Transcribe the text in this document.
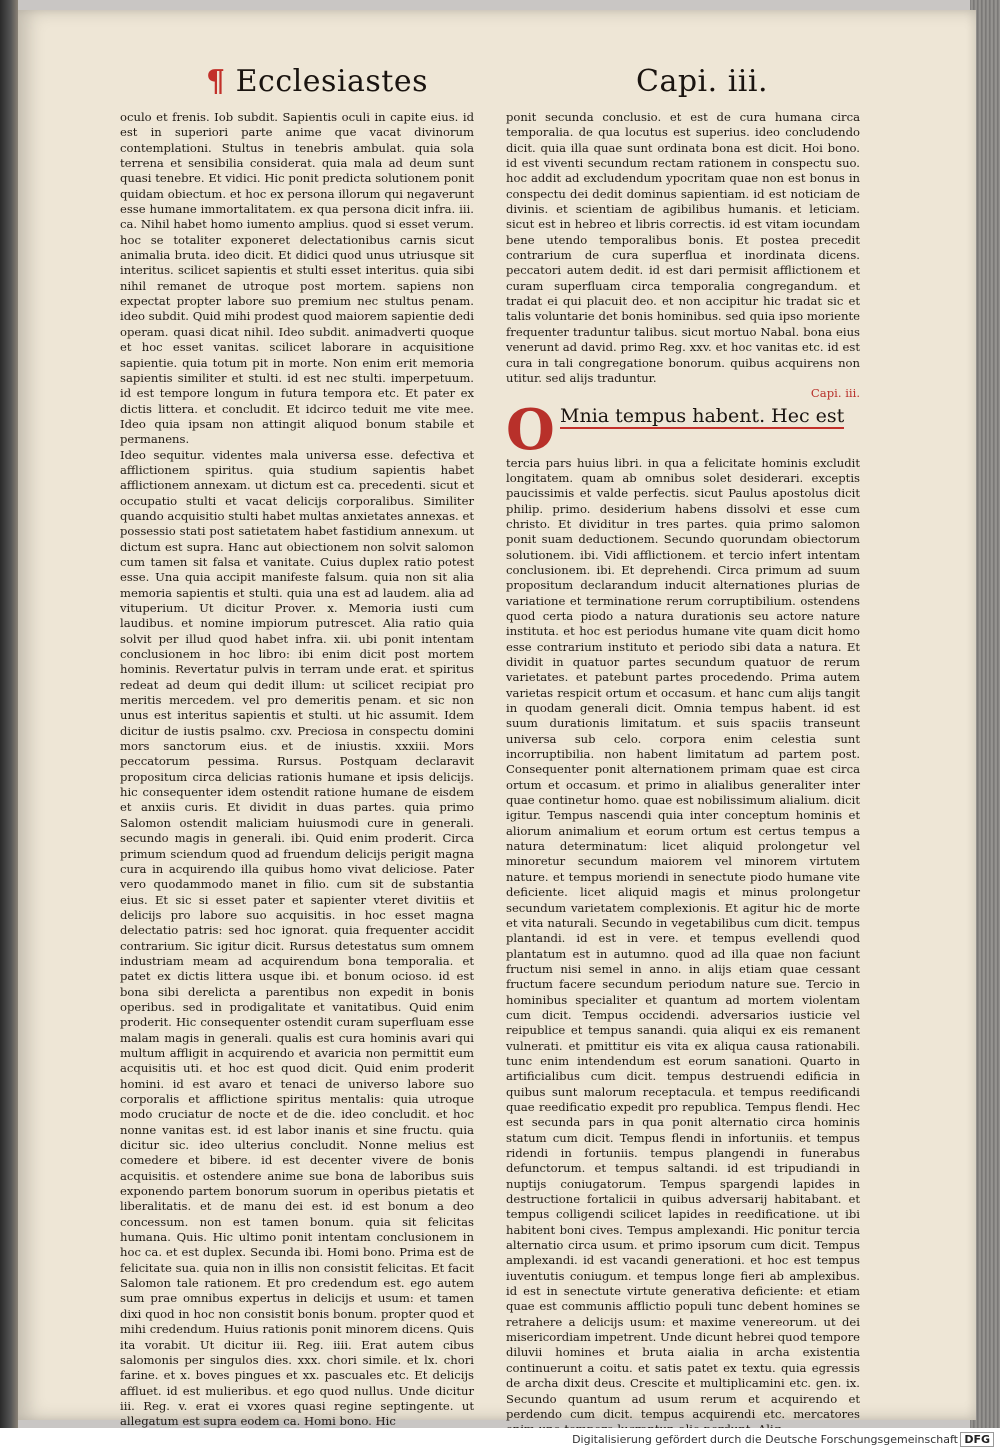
¶ Ecclesiastes	Capi. iii.

oculo et frenis. Iob subdit. Sapientis oculi in capite eius. id est in superiori parte anime que vacat divinorum contemplationi. Stultus in tenebris ambulat. quia sola terrena et sensibilia considerat. quia mala ad deum sunt quasi tenebre. Et vidici. Hic ponit predicta solutionem ponit quidam obiectum. et hoc ex persona illorum qui negaverunt esse humane immortalitatem. ex qua persona dicit infra. iii. ca. Nihil habet homo iumento amplius. quod si esset verum. hoc se totaliter exponeret delectationibus carnis sicut animalia bruta. ideo dicit. Et didici quod unus utriusque sit interitus. scilicet sapientis et stulti esset interitus. quia sibi nihil remanet de utroque post mortem. sapiens non expectat propter labore suo premium nec stultus penam. ideo subdit. Quid mihi prodest quod maiorem sapientie dedi operam. quasi dicat nihil. Ideo subdit. animadverti quoque et hoc esset vanitas. scilicet laborare in acquisitione sapientie. quia totum pit in morte. Non enim erit memoria sapientis similiter et stulti. id est nec stulti. imperpetuum. id est tempore longum in futura tempora etc. Et pater ex dictis littera. et concludit. Et idcirco teduit me vite mee. Ideo quia ipsam non attingit aliquod bonum stabile et permanens.

Ideo sequitur. videntes mala universa esse. defectiva et afflictionem spiritus. quia studium sapientis habet afflictionem annexam. ut dictum est ca. precedenti. sicut et occupatio stulti et vacat delicijs corporalibus. Similiter quando acquisitio stulti habet multas anxietates annexas. et possessio stati post satietatem habet fastidium annexum. ut dictum est supra. Hanc aut obiectionem non solvit salomon cum tamen sit falsa et vanitate. Cuius duplex ratio potest esse. Una quia accipit manifeste falsum. quia non sit alia memoria sapientis et stulti. quia una est ad laudem. alia ad vituperium. Ut dicitur Prover. x. Memoria iusti cum laudibus. et nomine impiorum putrescet. Alia ratio quia solvit per illud quod habet infra. xii. ubi ponit intentam conclusionem in hoc libro: ibi enim dicit post mortem hominis. Revertatur pulvis in terram unde erat. et spiritus redeat ad deum qui dedit illum: ut scilicet recipiat pro meritis mercedem. vel pro demeritis penam. et sic non unus est interitus sapientis et stulti. ut hic assumit. Idem dicitur de iustis psalmo. cxv. Preciosa in conspectu domini mors sanctorum eius. et de iniustis. xxxiii. Mors peccatorum pessima. Rursus. Postquam declaravit propositum circa delicias rationis humane et ipsis delicijs. hic consequenter idem ostendit ratione humane de eisdem et anxiis curis. Et dividit in duas partes. quia primo Salomon ostendit maliciam huiusmodi cure in generali. secundo magis in generali. ibi. Quid enim proderit. Circa primum sciendum quod ad fruendum delicijs perigit magna cura in acquirendo illa quibus homo vivat deliciose. Pater vero quodammodo manet in filio. cum sit de substantia eius. Et sic si esset pater et sapienter vteret divitiis et delicijs pro labore suo acquisitis. in hoc esset magna delectatio patris: sed hoc ignorat. quia frequenter accidit contrarium. Sic igitur dicit. Rursus detestatus sum omnem industriam meam ad acquirendum bona temporalia. et patet ex dictis littera usque ibi. et bonum ocioso. id est bona sibi derelicta a parentibus non expedit in bonis operibus. sed in prodigalitate et vanitatibus. Quid enim proderit. Hic consequenter ostendit curam superfluam esse malam magis in generali. qualis est cura hominis avari qui multum affligit in acquirendo et avaricia non permittit eum acquisitis uti. et hoc est quod dicit. Quid enim proderit homini. id est avaro et tenaci de universo labore suo corporalis et afflictione spiritus mentalis: quia utroque modo cruciatur de nocte et de die. ideo concludit. et hoc nonne vanitas est. id est labor inanis et sine fructu. quia dicitur sic. ideo ulterius concludit. Nonne melius est comedere et bibere. id est decenter vivere de bonis acquisitis. et ostendere anime sue bona de laboribus suis exponendo partem bonorum suorum in operibus pietatis et liberalitatis. et de manu dei est. id est bonum a deo concessum. non est tamen bonum. quia sit felicitas humana. Quis. Hic ultimo ponit intentam conclusionem in hoc ca. et est duplex. Secunda ibi. Homi bono. Prima est de felicitate sua. quia non in illis non consistit felicitas. Et facit Salomon tale rationem. Et pro credendum est. ego autem sum prae omnibus expertus in delicijs et usum: et tamen dixi quod in hoc non consistit bonis bonum. propter quod et mihi credendum. Huius rationis ponit minorem dicens. Quis ita vorabit. Ut dicitur iii. Reg. iiii. Erat autem cibus salomonis per singulos dies. xxx. chori simile. et lx. chori farine. et x. boves pingues et xx. pascuales etc. Et delicijs affluet. id est mulieribus. et ego quod nullus. Unde dicitur iii. Reg. v. erat ei vxores quasi regine septingente. ut allegatum est supra eodem ca. Homi bono. Hic

ponit secunda conclusio. et est de cura humana circa temporalia. de qua locutus est superius. ideo concludendo dicit. quia illa quae sunt ordinata bona est dicit. Hoi bono. id est viventi secundum rectam rationem in conspectu suo. hoc addit ad excludendum ypocritam quae non est bonus in conspectu dei dedit dominus sapientiam. id est noticiam de divinis. et scientiam de agibilibus humanis. et leticiam. sicut est in hebreo et libris correctis. id est vitam iocundam bene utendo temporalibus bonis. Et postea precedit contrarium de cura superflua et inordinata dicens. peccatori autem dedit. id est dari permisit afflictionem et curam superfluam circa temporalia congregandum. et tradat ei qui placuit deo. et non accipitur hic tradat sic et talis voluntarie det bonis hominibus. sed quia ipso moriente frequenter traduntur talibus. sicut mortuo Nabal. bona eius venerunt ad david. primo Reg. xxv. et hoc vanitas etc. id est cura in tali congregatione bonorum. quibus acquirens non utitur. sed alijs traduntur.

Capi. iii.

O Mnia tempus habent. Hec est

tercia pars huius libri. in qua a felicitate hominis excludit longitatem. quam ab omnibus solet desiderari. exceptis paucissimis et valde perfectis. sicut Paulus apostolus dicit philip. primo. desiderium habens dissolvi et esse cum christo. Et dividitur in tres partes. quia primo salomon ponit suam deductionem. Secundo quorundam obiectorum solutionem. ibi. Vidi afflictionem. et tercio infert intentam conclusionem. ibi. Et deprehendi. Circa primum ad suum propositum declarandum inducit alternationes plurias de variatione et terminatione rerum corruptibilium. ostendens quod certa piodo a natura durationis seu actore nature instituta. et hoc est periodus humane vite quam dicit homo esse contrarium instituto et periodo sibi data a natura. Et dividit in quatuor partes secundum quatuor de rerum varietates. et patebunt partes procedendo. Prima autem varietas respicit ortum et occasum. et hanc cum alijs tangit in quodam generali dicit. Omnia tempus habent. id est suum durationis limitatum. et suis spaciis transeunt universa sub celo. corpora enim celestia sunt incorruptibilia. non habent limitatum ad partem post. Consequenter ponit alternationem primam quae est circa ortum et occasum. et primo in alialibus generaliter inter quae continetur homo. quae est nobilissimum alialium. dicit igitur. Tempus nascendi quia inter conceptum hominis et aliorum animalium et eorum ortum est certus tempus a natura determinatum: licet aliquid prolongetur vel minoretur secundum maiorem vel minorem virtutem nature. et tempus moriendi in senectute piodo humane vite deficiente. licet aliquid magis et minus prolongetur secundum varietatem complexionis. Et agitur hic de morte et vita naturali. Secundo in vegetabilibus cum dicit. tempus plantandi. id est in vere. et tempus evellendi quod plantatum est in autumno. quod ad illa quae non faciunt fructum nisi semel in anno. in alijs etiam quae cessant fructum facere secundum periodum nature sue. Tercio in hominibus specialiter et quantum ad mortem violentam cum dicit. Tempus occidendi. adversarios iusticie vel reipublice et tempus sanandi. quia aliqui ex eis remanent vulnerati. et pmittitur eis vita ex aliqua causa rationabili. tunc enim intendendum est eorum sanationi. Quarto in artificialibus cum dicit. tempus destruendi edificia in quibus sunt malorum receptacula. et tempus reedificandi quae reedificatio expedit pro republica. Tempus flendi. Hec est secunda pars in qua ponit alternatio circa hominis statum cum dicit. Tempus flendi in infortuniis. et tempus ridendi in fortuniis. tempus plangendi in funerabus defunctorum. et tempus saltandi. id est tripudiandi in nuptijs coniugatorum. Tempus spargendi lapides in destructione fortalicii in quibus adversarij habitabant. et tempus colligendi scilicet lapides in reedificatione. ut ibi habitent boni cives. Tempus amplexandi. Hic ponitur tercia alternatio circa usum. et primo ipsorum cum dicit. Tempus amplexandi. id est vacandi generationi. et hoc est tempus iuventutis coniugum. et tempus longe fieri ab amplexibus. id est in senectute virtute generativa deficiente: et etiam quae est communis afflictio populi tunc debent homines se retrahere a delicijs usum: et maxime venereorum. ut dei misericordiam impetrent. Unde dicunt hebrei quod tempore diluvii homines et bruta aialia in archa existentia continuerunt a coitu. et satis patet ex textu. quia egressis de archa dixit deus. Crescite et multiplicamini etc. gen. ix. Secundo quantum ad usum rerum et acquirendo et perdendo cum dicit. tempus acquirendi etc. mercatores

Digitalisierung gefördert durch die Deutsche Forschungsgemeinschaft DFG
